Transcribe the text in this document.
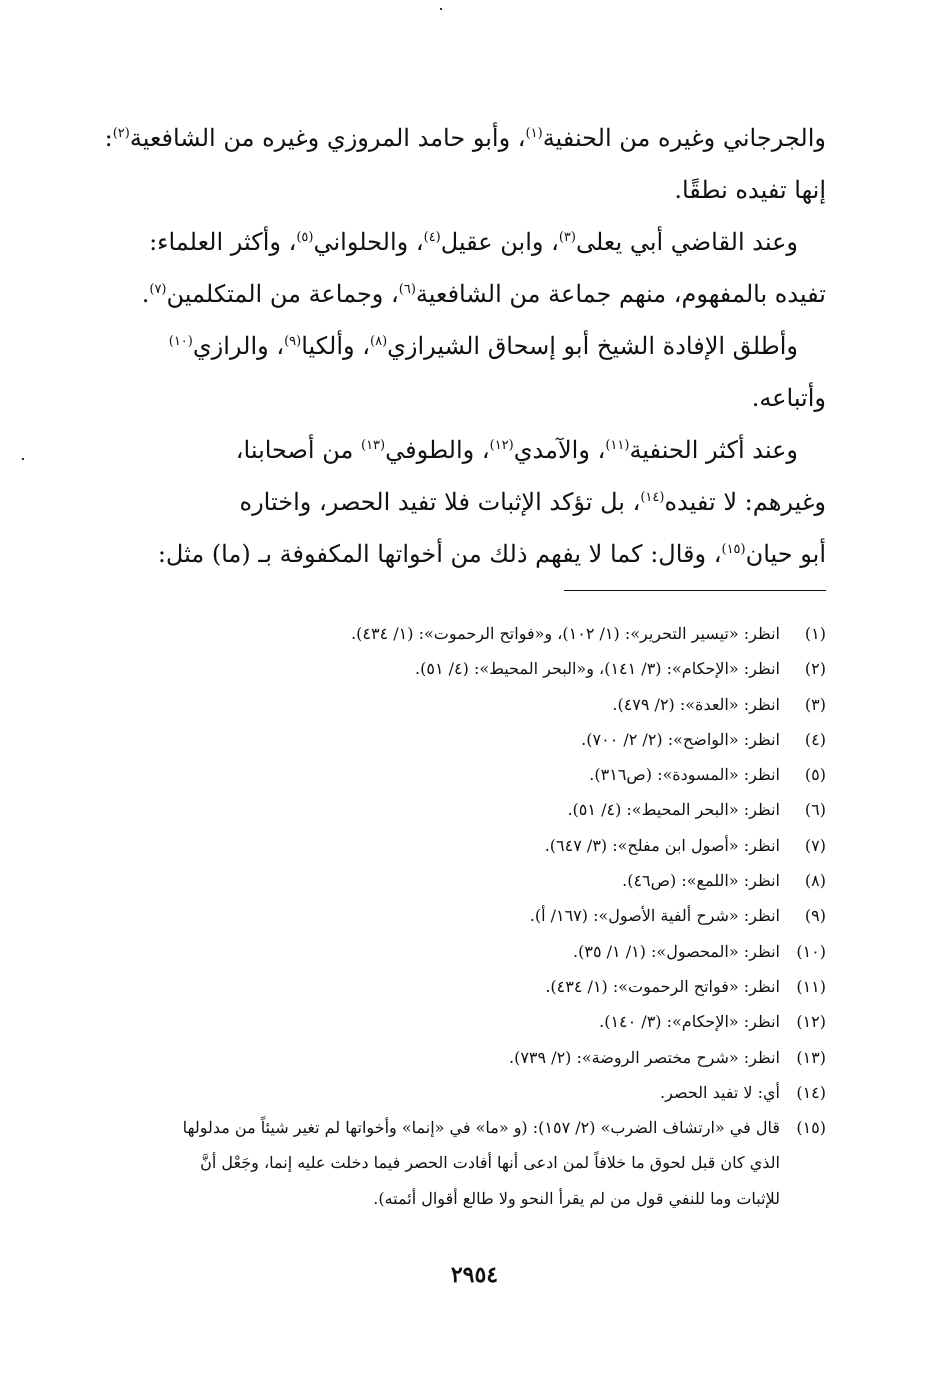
والجرجاني وغيره من الحنفية$^{(١)}$، وأبو حامد المروزي وغيره من الشافعية$^{(٢)}$:
إنها تفيده نطقًا.
وعند القاضي أبي يعلى$^{(٣)}$، وابن عقيل$^{(٤)}$، والحلواني$^{(٥)}$، وأكثر العلماء:
تفيده بالمفهوم، منهم جماعة من الشافعية$^{(٦)}$، وجماعة من المتكلمين$^{(٧)}$.
وأطلق الإفادة الشيخ أبو إسحاق الشيرازي$^{(٨)}$، وألكيا$^{(٩)}$، والرازي$^{(١٠)}$
وأتباعه.
وعند أكثر الحنفية$^{(١١)}$، والآمدي$^{(١٢)}$، والطوفي$^{(١٣)}$ من أصحابنا،
وغيرهم: لا تفيده$^{(١٤)}$، بل تؤكد الإثبات فلا تفيد الحصر، واختاره
أبو حيان$^{(١٥)}$، وقال: كما لا يفهم ذلك من أخواتها المكفوفة بـ (ما) مثل:
(١)
انظر: «تيسير التحرير»: (١/ ١٠٢)، و«فواتح الرحموت»: (١/ ٤٣٤).
(٢)
انظر: «الإحكام»: (٣/ ١٤١)، و«البحر المحيط»: (٤/ ٥١).
(٣)
انظر: «العدة»: (٢/ ٤٧٩).
(٤)
انظر: «الواضح»: (٢/ ٢/ ٧٠٠).
(٥)
انظر: «المسودة»: (ص٣١٦).
(٦)
انظر: «البحر المحيط»: (٤/ ٥١).
(٧)
انظر: «أصول ابن مفلح»: (٣/ ٦٤٧).
(٨)
انظر: «اللمع»: (ص٤٦).
(٩)
انظر: «شرح ألفية الأصول»: (١٦٧/ أ).
(١٠)
انظر: «المحصول»: (١/ ١/ ٣٥).
(١١)
انظر: «فواتح الرحموت»: (١/ ٤٣٤).
(١٢)
انظر: «الإحكام»: (٣/ ١٤٠).
(١٣)
انظر: «شرح مختصر الروضة»: (٢/ ٧٣٩).
(١٤)
أي: لا تفيد الحصر.
(١٥)
قال في «ارتشاف الضرب» (٢/ ١٥٧): (و «ما» في «إنما» وأخواتها لم تغير شيئاً من مدلولها
الذي كان قبل لحوق ما خلافاً لمن ادعى أنها أفادت الحصر فيما دخلت عليه إنما، وجَعْل أنَّ
للإثبات وما للنفي قول من لم يقرأ النحو ولا طالع أقوال أئمته).
٢٩٥٤
